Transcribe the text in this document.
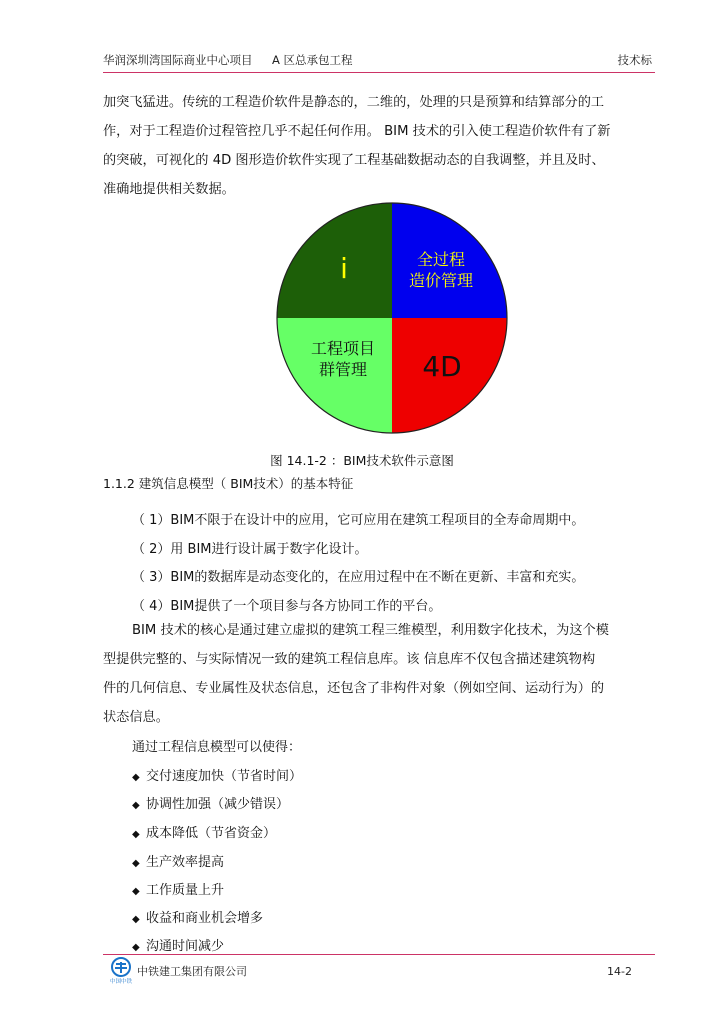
华润深圳湾国际商业中心项目 A 区总承包工程	技术标
加突飞猛进。传统的工程造价软件是静态的，二维的，处理的只是预算和结算部分的工
作，对于工程造价过程管控几乎不起任何作用。 BIM 技术的引入使工程造价软件有了新
的突破，可视化的 4D 图形造价软件实现了工程基础数据动态的自我调整，并且及时、
准确地提供相关数据。
i	全过程
造价管理
工程项目
群管理 4D
图 14.1-2 ：BIM技术软件示意图
1.1.2 建筑信息模型（ BIM技术）的基本特征
（ 1）BIM不限于在设计中的应用，它可应用在建筑工程项目的全寿命周期中。
（ 2）用 BIM进行设计属于数字化设计。
（ 3）BIM的数据库是动态变化的，在应用过程中在不断在更新、丰富和充实。
（ 4）BIM提供了一个项目参与各方协同工作的平台。
BIM 技术的核心是通过建立虚拟的建筑工程三维模型，利用数字化技术，为这个模
型提供完整的、与实际情况一致的建筑工程信息库。该 信息库不仅包含描述建筑物构
件的几何信息、专业属性及状态信息，还包含了非构件对象（例如空间、运动行为）的
状态信息。
通过工程信息模型可以使得：
◆ 交付速度加快（节省时间）
◆ 协调性加强（减少错误）
◆ 成本降低（节省资金）
◆ 生产效率提高
◆ 工作质量上升
◆ 收益和商业机会增多
◆ 沟通时间减少
中国中铁
中铁建工集团有限公司	14-2
